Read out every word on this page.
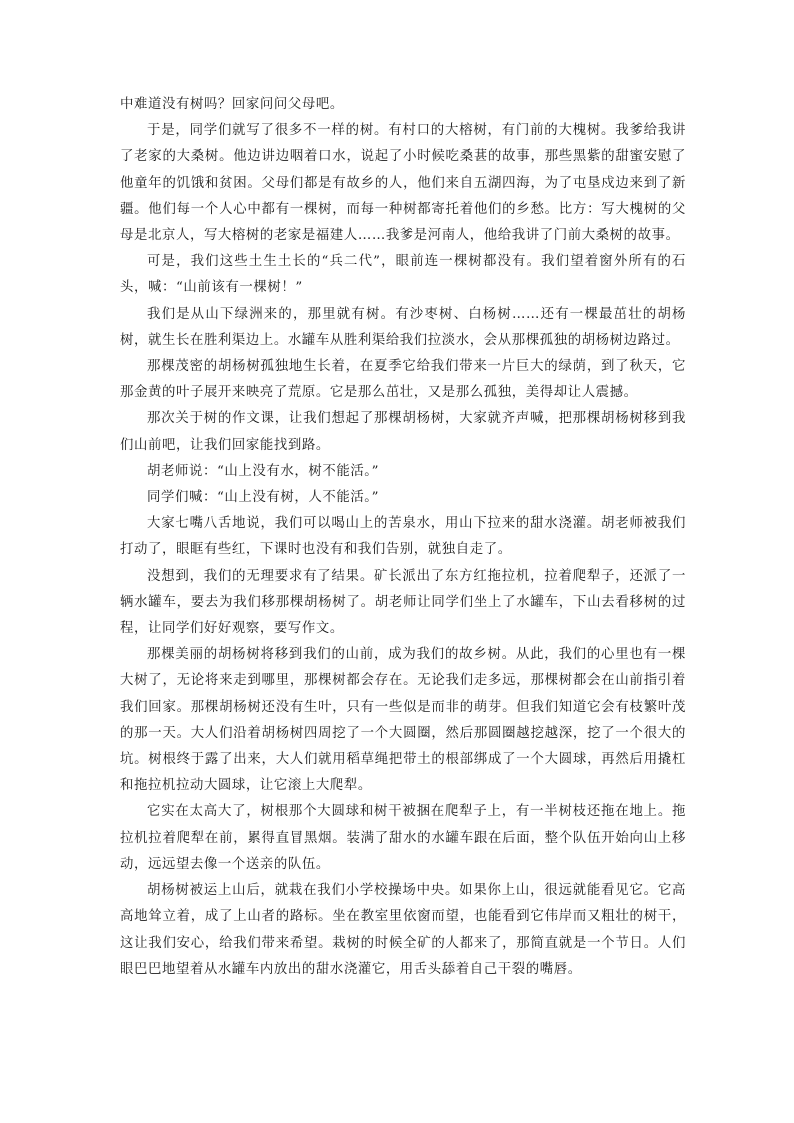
中难道没有树吗？回家问问父母吧。

于是，同学们就写了很多不一样的树。有村口的大榕树，有门前的大槐树。我爹给我讲了老家的大桑树。他边讲边咽着口水，说起了小时候吃桑葚的故事，那些黑紫的甜蜜安慰了他童年的饥饿和贫困。父母们都是有故乡的人，他们来自五湖四海，为了屯垦戍边来到了新疆。他们每一个人心中都有一棵树，而每一种树都寄托着他们的乡愁。比方：写大槐树的父母是北京人，写大榕树的老家是福建人……我爹是河南人，他给我讲了门前大桑树的故事。

可是，我们这些土生土长的“兵二代”，眼前连一棵树都没有。我们望着窗外所有的石头，喊：“山前该有一棵树！”

我们是从山下绿洲来的，那里就有树。有沙枣树、白杨树……还有一棵最茁壮的胡杨树，就生长在胜利渠边上。水罐车从胜利渠给我们拉淡水，会从那棵孤独的胡杨树边路过。

那棵茂密的胡杨树孤独地生长着，在夏季它给我们带来一片巨大的绿荫，到了秋天，它那金黄的叶子展开来映亮了荒原。它是那么茁壮，又是那么孤独，美得却让人震撼。

那次关于树的作文课，让我们想起了那棵胡杨树，大家就齐声喊，把那棵胡杨树移到我们山前吧，让我们回家能找到路。

胡老师说：“山上没有水，树不能活。”

同学们喊：“山上没有树，人不能活。”

大家七嘴八舌地说，我们可以喝山上的苦泉水，用山下拉来的甜水浇灌。胡老师被我们打动了，眼眶有些红，下课时也没有和我们告别，就独自走了。

没想到，我们的无理要求有了结果。矿长派出了东方红拖拉机，拉着爬犁子，还派了一辆水罐车，要去为我们移那棵胡杨树了。胡老师让同学们坐上了水罐车，下山去看移树的过程，让同学们好好观察，要写作文。

那棵美丽的胡杨树将移到我们的山前，成为我们的故乡树。从此，我们的心里也有一棵大树了，无论将来走到哪里，那棵树都会存在。无论我们走多远，那棵树都会在山前指引着我们回家。那棵胡杨树还没有生叶，只有一些似是而非的萌芽。但我们知道它会有枝繁叶茂的那一天。大人们沿着胡杨树四周挖了一个大圆圈，然后那圆圈越挖越深，挖了一个很大的坑。树根终于露了出来，大人们就用稻草绳把带土的根部绑成了一个大圆球，再然后用撬杠和拖拉机拉动大圆球，让它滚上大爬犁。

它实在太高大了，树根那个大圆球和树干被捆在爬犁子上，有一半树枝还拖在地上。拖拉机拉着爬犁在前，累得直冒黑烟。装满了甜水的水罐车跟在后面，整个队伍开始向山上移动，远远望去像一个送亲的队伍。

胡杨树被运上山后，就栽在我们小学校操场中央。如果你上山，很远就能看见它。它高高地耸立着，成了上山者的路标。坐在教室里依窗而望，也能看到它伟岸而又粗壮的树干，这让我们安心，给我们带来希望。栽树的时候全矿的人都来了，那简直就是一个节日。人们眼巴巴地望着从水罐车内放出的甜水浇灌它，用舌头舔着自己干裂的嘴唇。
